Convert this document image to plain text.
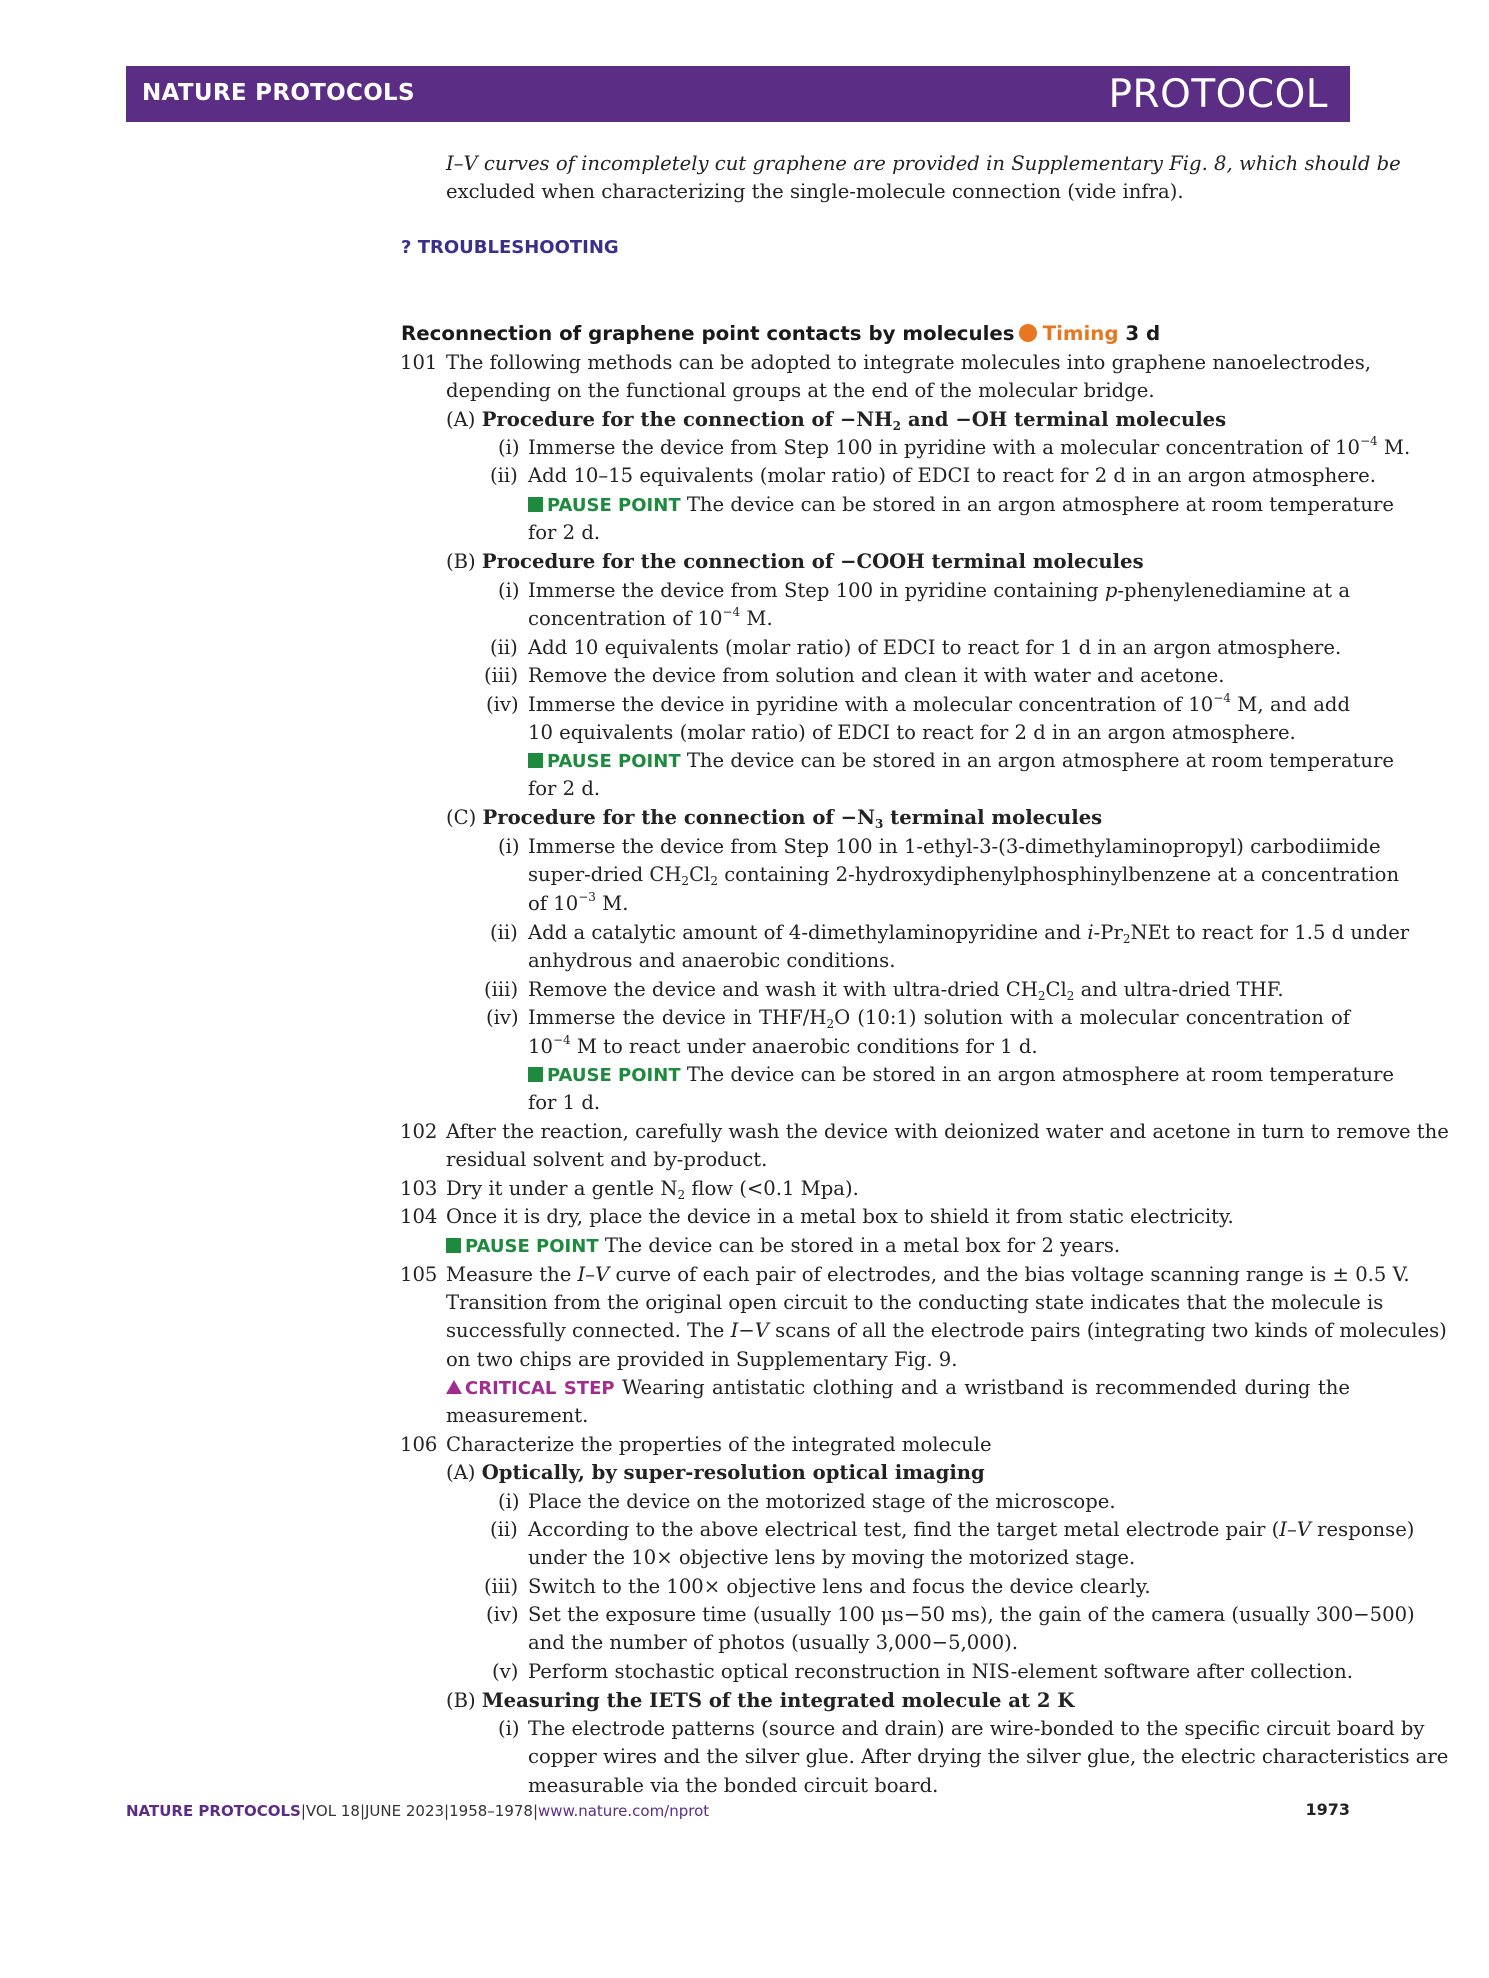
NATURE PROTOCOLS	PROTOCOL
I–V curves of incompletely cut graphene are provided in Supplementary Fig. 8, which should be
excluded when characterizing the single-molecule connection (vide infra).
? TROUBLESHOOTING
Reconnection of graphene point contacts by molecules Timing 3 d
101 The following methods can be adopted to integrate molecules into graphene nanoelectrodes,
depending on the functional groups at the end of the molecular bridge.
(A) Procedure for the connection of $-NH_2$ and −OH terminal molecules
(i) Immerse the device from Step 100 in pyridine with a molecular concentration of $10^{-4}$ M.
(ii) Add 10–15 equivalents (molar ratio) of EDCI to react for 2 d in an argon atmosphere.
PAUSE POINT The device can be stored in an argon atmosphere at room temperature
for 2 d.
(B) Procedure for the connection of −COOH terminal molecules
(i) Immerse the device from Step 100 in pyridine containing p-phenylenediamine at a
concentration of $10^{-4}$ M.
(ii) Add 10 equivalents (molar ratio) of EDCI to react for 1 d in an argon atmosphere.
(iii) Remove the device from solution and clean it with water and acetone.
(iv) Immerse the device in pyridine with a molecular concentration of $10^{-4}$ M, and add
10 equivalents (molar ratio) of EDCI to react for 2 d in an argon atmosphere.
PAUSE POINT The device can be stored in an argon atmosphere at room temperature
for 2 d.
(C) Procedure for the connection of $-N_3$ terminal molecules
(i) Immerse the device from Step 100 in 1-ethyl-3-(3-dimethylaminopropyl) carbodiimide
super-dried $CH_2Cl_2$ containing 2-hydroxydiphenylphosphinylbenzene at a concentration
of $10^{-3}$ M.
(ii) Add a catalytic amount of 4-dimethylaminopyridine and $i-Pr_2NEt$ to react for 1.5 d under
anhydrous and anaerobic conditions.
(iii) Remove the device and wash it with ultra-dried $CH_2Cl_2$ and ultra-dried THF.
(iv) Immerse the device in THF/$H_2O$ (10:1) solution with a molecular concentration of
$10^{-4}$ M to react under anaerobic conditions for 1 d.
PAUSE POINT The device can be stored in an argon atmosphere at room temperature
for 1 d.
102 After the reaction, carefully wash the device with deionized water and acetone in turn to remove the
residual solvent and by-product.
103 Dry it under a gentle $N_2$ flow (<0.1 Mpa).
104 Once it is dry, place the device in a metal box to shield it from static electricity.
PAUSE POINT The device can be stored in a metal box for 2 years.
105 Measure the I–V curve of each pair of electrodes, and the bias voltage scanning range is ± 0.5 V.
Transition from the original open circuit to the conducting state indicates that the molecule is
successfully connected. The I−V scans of all the electrode pairs (integrating two kinds of molecules)
on two chips are provided in Supplementary Fig. 9.
CRITICAL STEP Wearing antistatic clothing and a wristband is recommended during the
measurement.
106 Characterize the properties of the integrated molecule
(A) Optically, by super-resolution optical imaging
(i) Place the device on the motorized stage of the microscope.
(ii) According to the above electrical test, find the target metal electrode pair (I–V response)
under the 10× objective lens by moving the motorized stage.
(iii) Switch to the 100× objective lens and focus the device clearly.
(iv) Set the exposure time (usually 100 μs−50 ms), the gain of the camera (usually 300−500)
and the number of photos (usually 3,000−5,000).
(v) Perform stochastic optical reconstruction in NIS-element software after collection.
(B) Measuring the IETS of the integrated molecule at 2 K
(i) The electrode patterns (source and drain) are wire-bonded to the specific circuit board by
copper wires and the silver glue. After drying the silver glue, the electric characteristics are
measurable via the bonded circuit board.
NATURE PROTOCOLS|VOL 18|JUNE 2023|1958–1978|www.nature.com/nprot	1973
